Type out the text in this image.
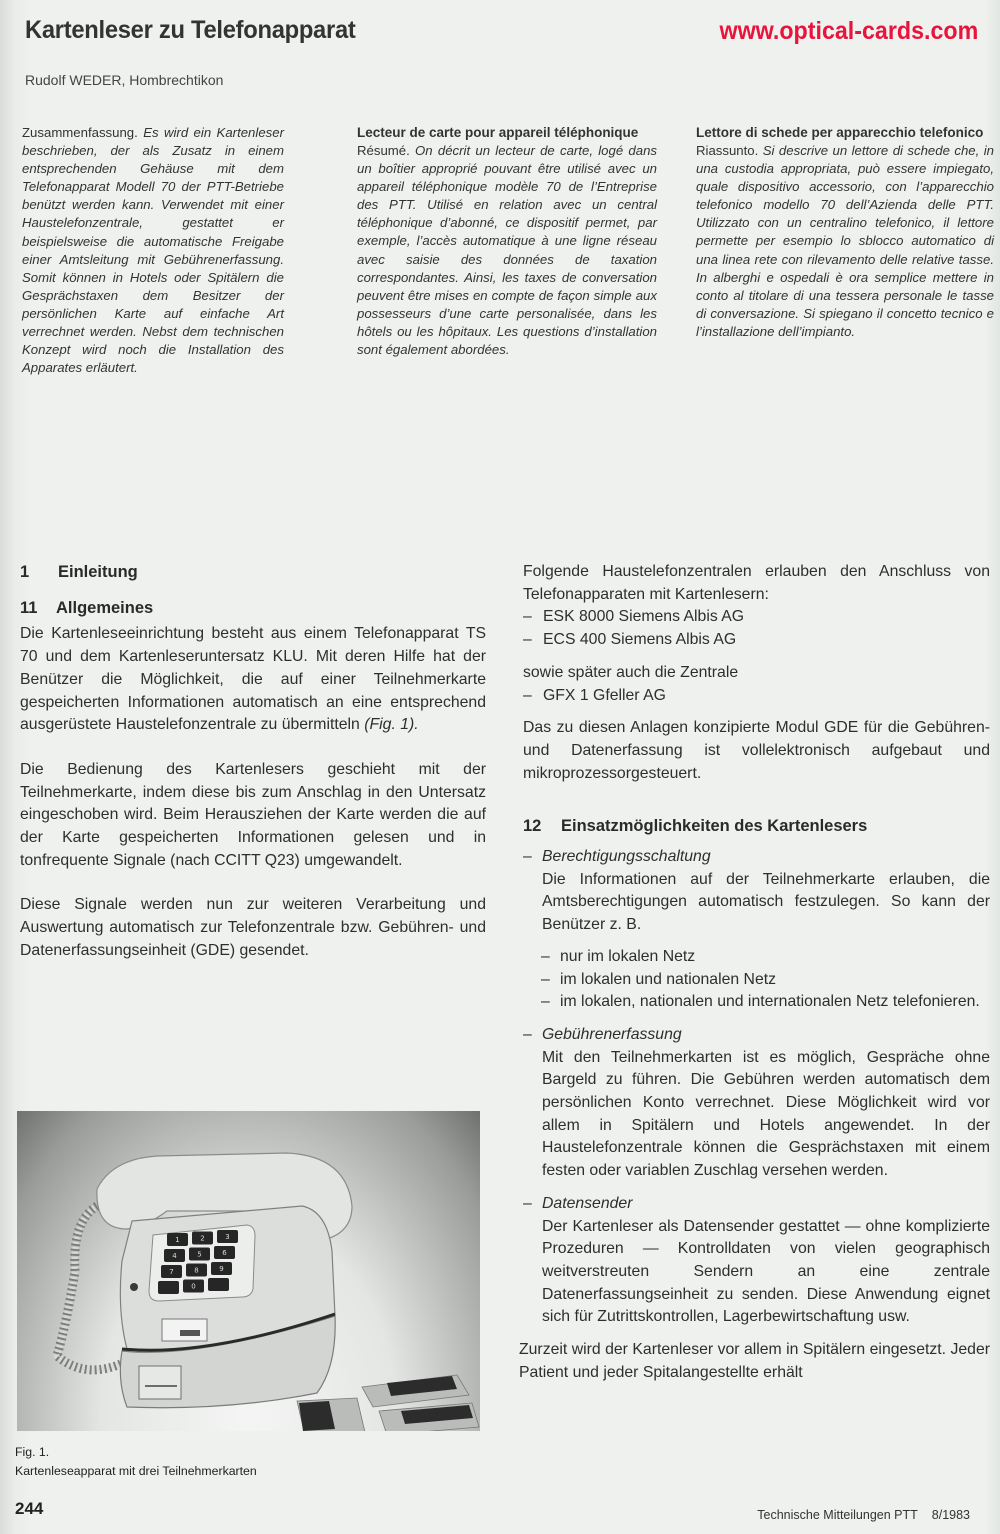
Kartenleser zu Telefonapparat	www.optical-cards.com
Rudolf WEDER, Hombrechtikon
Zusammenfassung. Es wird ein Kartenleser beschrieben, der als Zusatz in einem entsprechenden Gehäuse mit dem Telefonapparat Modell 70 der PTT-Betriebe benützt werden kann. Verwendet mit einer Haustelefonzentrale, gestattet er beispielsweise die automatische Freigabe einer Amtsleitung mit Gebührenerfassung. Somit können in Hotels oder Spitälern die Gesprächstaxen dem Besitzer der persönlichen Karte auf einfache Art verrechnet werden. Nebst dem technischen Konzept wird noch die Installation des Apparates erläutert.
Lecteur de carte pour appareil téléphonique
Résumé. On décrit un lecteur de carte, logé dans un boîtier approprié pouvant être utilisé avec un appareil téléphonique modèle 70 de l’Entreprise des PTT. Utilisé en relation avec un central téléphonique d’abonné, ce dispositif permet, par exemple, l’accès automatique à une ligne réseau avec saisie des données de taxation correspondantes. Ainsi, les taxes de conversation peuvent être mises en compte de façon simple aux possesseurs d’une carte personalisée, dans les hôtels ou les hôpitaux. Les questions d’installation sont également abordées.
Lettore di schede per apparecchio telefonico
Riassunto. Si descrive un lettore di schede che, in una custodia appropriata, può essere impiegato, quale dispositivo accessorio, con l’apparecchio telefonico modello 70 dell’Azienda delle PTT. Utilizzato con un centralino telefonico, il lettore permette per esempio lo sblocco automatico di una linea rete con rilevamento delle relative tasse. In alberghi e ospedali è ora semplice mettere in conto al titolare di una tessera personale le tasse di conversazione. Si spiegano il concetto tecnico e l’installazione dell’impianto.
1 Einleitung
11 Allgemeines

Die Kartenleseeinrichtung besteht aus einem Telefonapparat TS 70 und dem Kartenleseruntersatz KLU. Mit deren Hilfe hat der Benützer die Möglichkeit, die auf einer Teilnehmerkarte gespeicherten Informationen automatisch an eine entsprechend ausgerüstete Haustelefonzentrale zu übermitteln (Fig. 1).

Die Bedienung des Kartenlesers geschieht mit der Teilnehmerkarte, indem diese bis zum Anschlag in den Untersatz eingeschoben wird. Beim Herausziehen der Karte werden die auf der Karte gespeicherten Informationen gelesen und in tonfrequente Signale (nach CCITT Q23) umgewandelt.

Diese Signale werden nun zur weiteren Verarbeitung und Auswertung automatisch zur Telefonzentrale bzw. Gebühren- und Datenerfassungseinheit (GDE) gesendet.

1	2	3
4	5	6
7	8	9
0
Fig. 1.
Kartenleseapparat mit drei Teilnehmerkarten

Folgende Haustelefonzentralen erlauben den Anschluss von Telefonapparaten mit Kartenlesern:

– ESK 8000 Siemens Albis AG
– ECS 400 Siemens Albis AG

sowie später auch die Zentrale

– GFX 1 Gfeller AG

Das zu diesen Anlagen konzipierte Modul GDE für die Gebühren- und Datenerfassung ist vollelektronisch aufgebaut und mikroprozessorgesteuert.

12 Einsatzmöglichkeiten des Kartenlesers
– Berechtigungsschaltung
Die Informationen auf der Teilnehmerkarte erlauben, die Amtsberechtigungen automatisch festzulegen. So kann der Benützer z. B.
– nur im lokalen Netz
– im lokalen und nationalen Netz
– im lokalen, nationalen und internationalen Netz telefonieren.
– Gebührenerfassung
Mit den Teilnehmerkarten ist es möglich, Gespräche ohne Bargeld zu führen. Die Gebühren werden automatisch dem persönlichen Konto verrechnet. Diese Möglichkeit wird vor allem in Spitälern und Hotels angewendet. In der Haustelefonzentrale können die Gesprächstaxen mit einem festen oder variablen Zuschlag versehen werden.
– Datensender
Der Kartenleser als Datensender gestattet — ohne komplizierte Prozeduren — Kontrolldaten von vielen geographisch weitverstreuten Sendern an eine zentrale Datenerfassungseinheit zu senden. Diese Anwendung eignet sich für Zutrittskontrollen, Lagerbewirtschaftung usw.

Zurzeit wird der Kartenleser vor allem in Spitälern eingesetzt. Jeder Patient und jeder Spitalangestellte erhält

244	Technische Mitteilungen PTT 8/1983
